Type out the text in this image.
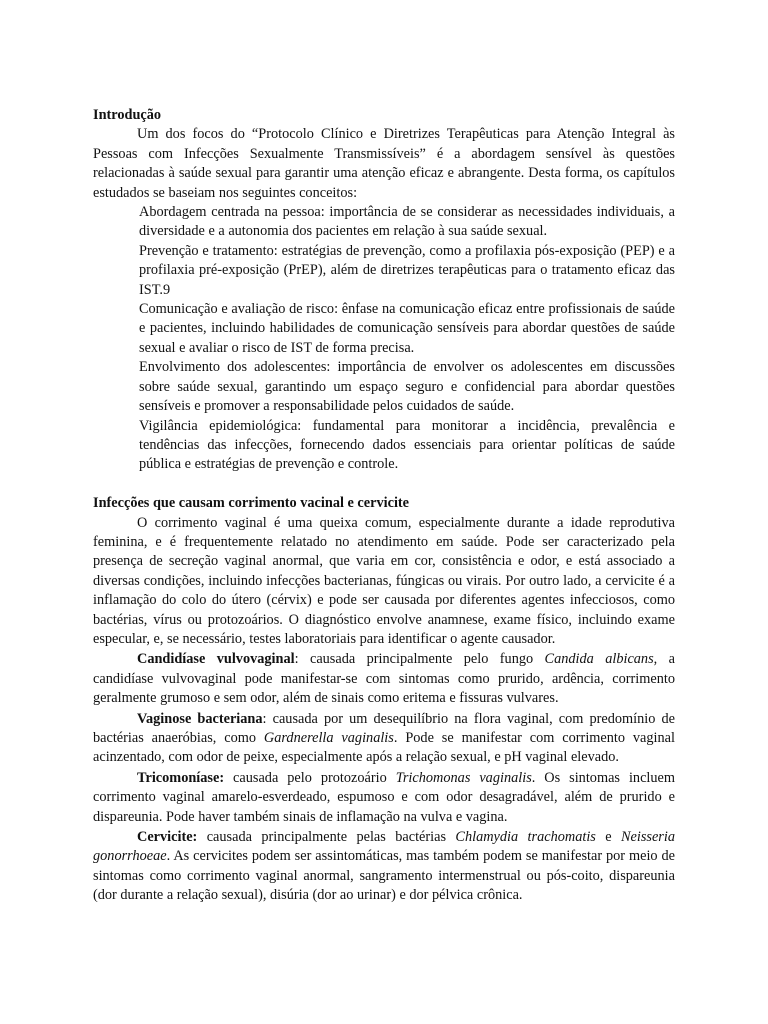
Introdução

Um dos focos do “Protocolo Clínico e Diretrizes Terapêuticas para Atenção Integral às Pessoas com Infecções Sexualmente Transmissíveis” é a abordagem sensível às questões relacionadas à saúde sexual para garantir uma atenção eficaz e abrangente. Desta forma, os capítulos estudados se baseiam nos seguintes conceitos:

Abordagem centrada na pessoa: importância de se considerar as necessidades individuais, a diversidade e a autonomia dos pacientes em relação à sua saúde sexual.

Prevenção e tratamento: estratégias de prevenção, como a profilaxia pós-exposição (PEP) e a profilaxia pré-exposição (PrEP), além de diretrizes terapêuticas para o tratamento eficaz das IST.9

Comunicação e avaliação de risco: ênfase na comunicação eficaz entre profissionais de saúde e pacientes, incluindo habilidades de comunicação sensíveis para abordar questões de saúde sexual e avaliar o risco de IST de forma precisa.

Envolvimento dos adolescentes: importância de envolver os adolescentes em discussões sobre saúde sexual, garantindo um espaço seguro e confidencial para abordar questões sensíveis e promover a responsabilidade pelos cuidados de saúde.

Vigilância epidemiológica: fundamental para monitorar a incidência, prevalência e tendências das infecções, fornecendo dados essenciais para orientar políticas de saúde pública e estratégias de prevenção e controle.

Infecções que causam corrimento vacinal e cervicite

O corrimento vaginal é uma queixa comum, especialmente durante a idade reprodutiva feminina, e é frequentemente relatado no atendimento em saúde. Pode ser caracterizado pela presença de secreção vaginal anormal, que varia em cor, consistência e odor, e está associado a diversas condições, incluindo infecções bacterianas, fúngicas ou virais. Por outro lado, a cervicite é a inflamação do colo do útero (cérvix) e pode ser causada por diferentes agentes infecciosos, como bactérias, vírus ou protozoários. O diagnóstico envolve anamnese, exame físico, incluindo exame especular, e, se necessário, testes laboratoriais para identificar o agente causador.

Candidíase vulvovaginal: causada principalmente pelo fungo Candida albicans, a candidíase vulvovaginal pode manifestar-se com sintomas como prurido, ardência, corrimento geralmente grumoso e sem odor, além de sinais como eritema e fissuras vulvares.

Vaginose bacteriana: causada por um desequilíbrio na flora vaginal, com predomínio de bactérias anaeróbias, como Gardnerella vaginalis. Pode se manifestar com corrimento vaginal acinzentado, com odor de peixe, especialmente após a relação sexual, e pH vaginal elevado.

Tricomoníase: causada pelo protozoário Trichomonas vaginalis. Os sintomas incluem corrimento vaginal amarelo-esverdeado, espumoso e com odor desagradável, além de prurido e dispareunia. Pode haver também sinais de inflamação na vulva e vagina.

Cervicite: causada principalmente pelas bactérias Chlamydia trachomatis e Neisseria gonorrhoeae. As cervicites podem ser assintomáticas, mas também podem se manifestar por meio de sintomas como corrimento vaginal anormal, sangramento intermenstrual ou pós-coito, dispareunia (dor durante a relação sexual), disúria (dor ao urinar) e dor pélvica crônica.
